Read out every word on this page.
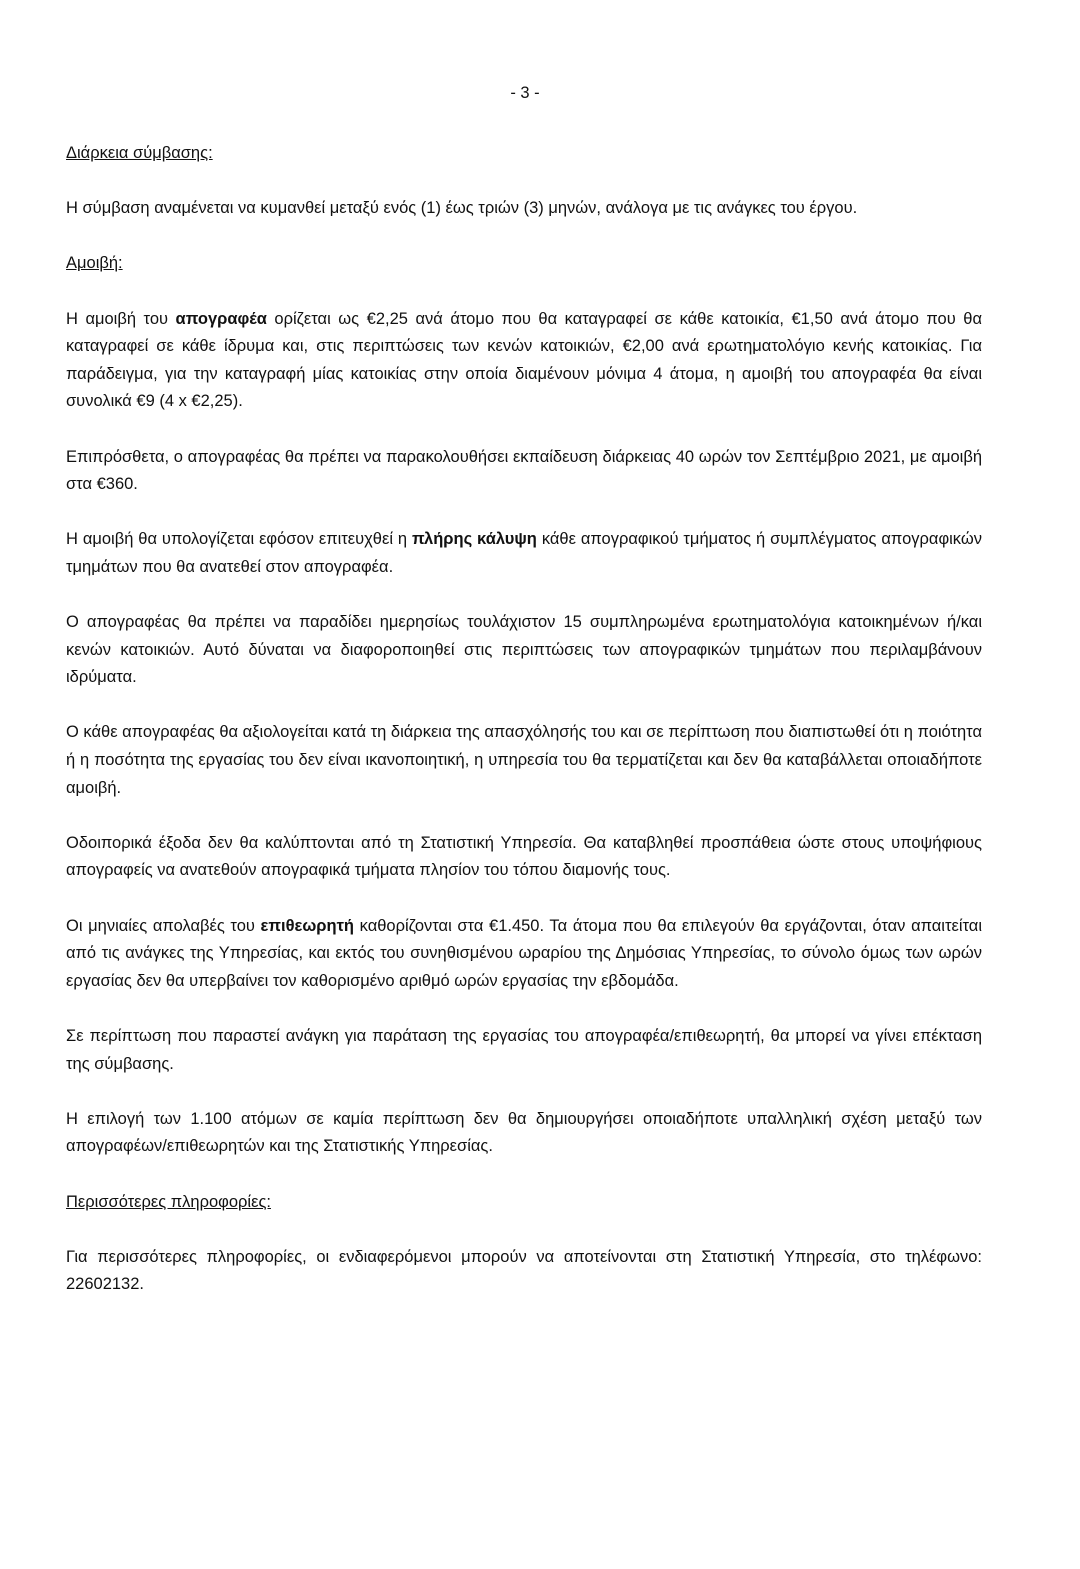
- 3 -
Διάρκεια σύμβασης:

Η σύμβαση αναμένεται να κυμανθεί μεταξύ ενός (1) έως τριών (3) μηνών, ανάλογα με τις ανάγκες του έργου.

Αμοιβή:

Η αμοιβή του απογραφέα ορίζεται ως €2,25 ανά άτομο που θα καταγραφεί σε κάθε κατοικία, €1,50 ανά άτομο που θα καταγραφεί σε κάθε ίδρυμα και, στις περιπτώσεις των κενών κατοικιών, €2,00 ανά ερωτηματολόγιο κενής κατοικίας. Για παράδειγμα, για την καταγραφή μίας κατοικίας στην οποία διαμένουν μόνιμα 4 άτομα, η αμοιβή του απογραφέα θα είναι συνολικά €9 (4 x €2,25).

Επιπρόσθετα, ο απογραφέας θα πρέπει να παρακολουθήσει εκπαίδευση διάρκειας 40 ωρών τον Σεπτέμβριο 2021, με αμοιβή στα €360.

Η αμοιβή θα υπολογίζεται εφόσον επιτευχθεί η πλήρης κάλυψη κάθε απογραφικού τμήματος ή συμπλέγματος απογραφικών τμημάτων που θα ανατεθεί στον απογραφέα.

Ο απογραφέας θα πρέπει να παραδίδει ημερησίως τουλάχιστον 15 συμπληρωμένα ερωτηματολόγια κατοικημένων ή/και κενών κατοικιών. Αυτό δύναται να διαφοροποιηθεί στις περιπτώσεις των απογραφικών τμημάτων που περιλαμβάνουν ιδρύματα.

Ο κάθε απογραφέας θα αξιολογείται κατά τη διάρκεια της απασχόλησής του και σε περίπτωση που διαπιστωθεί ότι η ποιότητα ή η ποσότητα της εργασίας του δεν είναι ικανοποιητική, η υπηρεσία του θα τερματίζεται και δεν θα καταβάλλεται οποιαδήποτε αμοιβή.

Οδοιπορικά έξοδα δεν θα καλύπτονται από τη Στατιστική Υπηρεσία. Θα καταβληθεί προσπάθεια ώστε στους υποψήφιους απογραφείς να ανατεθούν απογραφικά τμήματα πλησίον του τόπου διαμονής τους.

Οι μηνιαίες απολαβές του επιθεωρητή καθορίζονται στα €1.450. Τα άτομα που θα επιλεγούν θα εργάζονται, όταν απαιτείται από τις ανάγκες της Υπηρεσίας, και εκτός του συνηθισμένου ωραρίου της Δημόσιας Υπηρεσίας, το σύνολο όμως των ωρών εργασίας δεν θα υπερβαίνει τον καθορισμένο αριθμό ωρών εργασίας την εβδομάδα.

Σε περίπτωση που παραστεί ανάγκη για παράταση της εργασίας του απογραφέα/επιθεωρητή, θα μπορεί να γίνει επέκταση της σύμβασης.

Η επιλογή των 1.100 ατόμων σε καμία περίπτωση δεν θα δημιουργήσει οποιαδήποτε υπαλληλική σχέση μεταξύ των απογραφέων/επιθεωρητών και της Στατιστικής Υπηρεσίας.

Περισσότερες πληροφορίες:

Για περισσότερες πληροφορίες, οι ενδιαφερόμενοι μπορούν να αποτείνονται στη Στατιστική Υπηρεσία, στο τηλέφωνο: 22602132.
